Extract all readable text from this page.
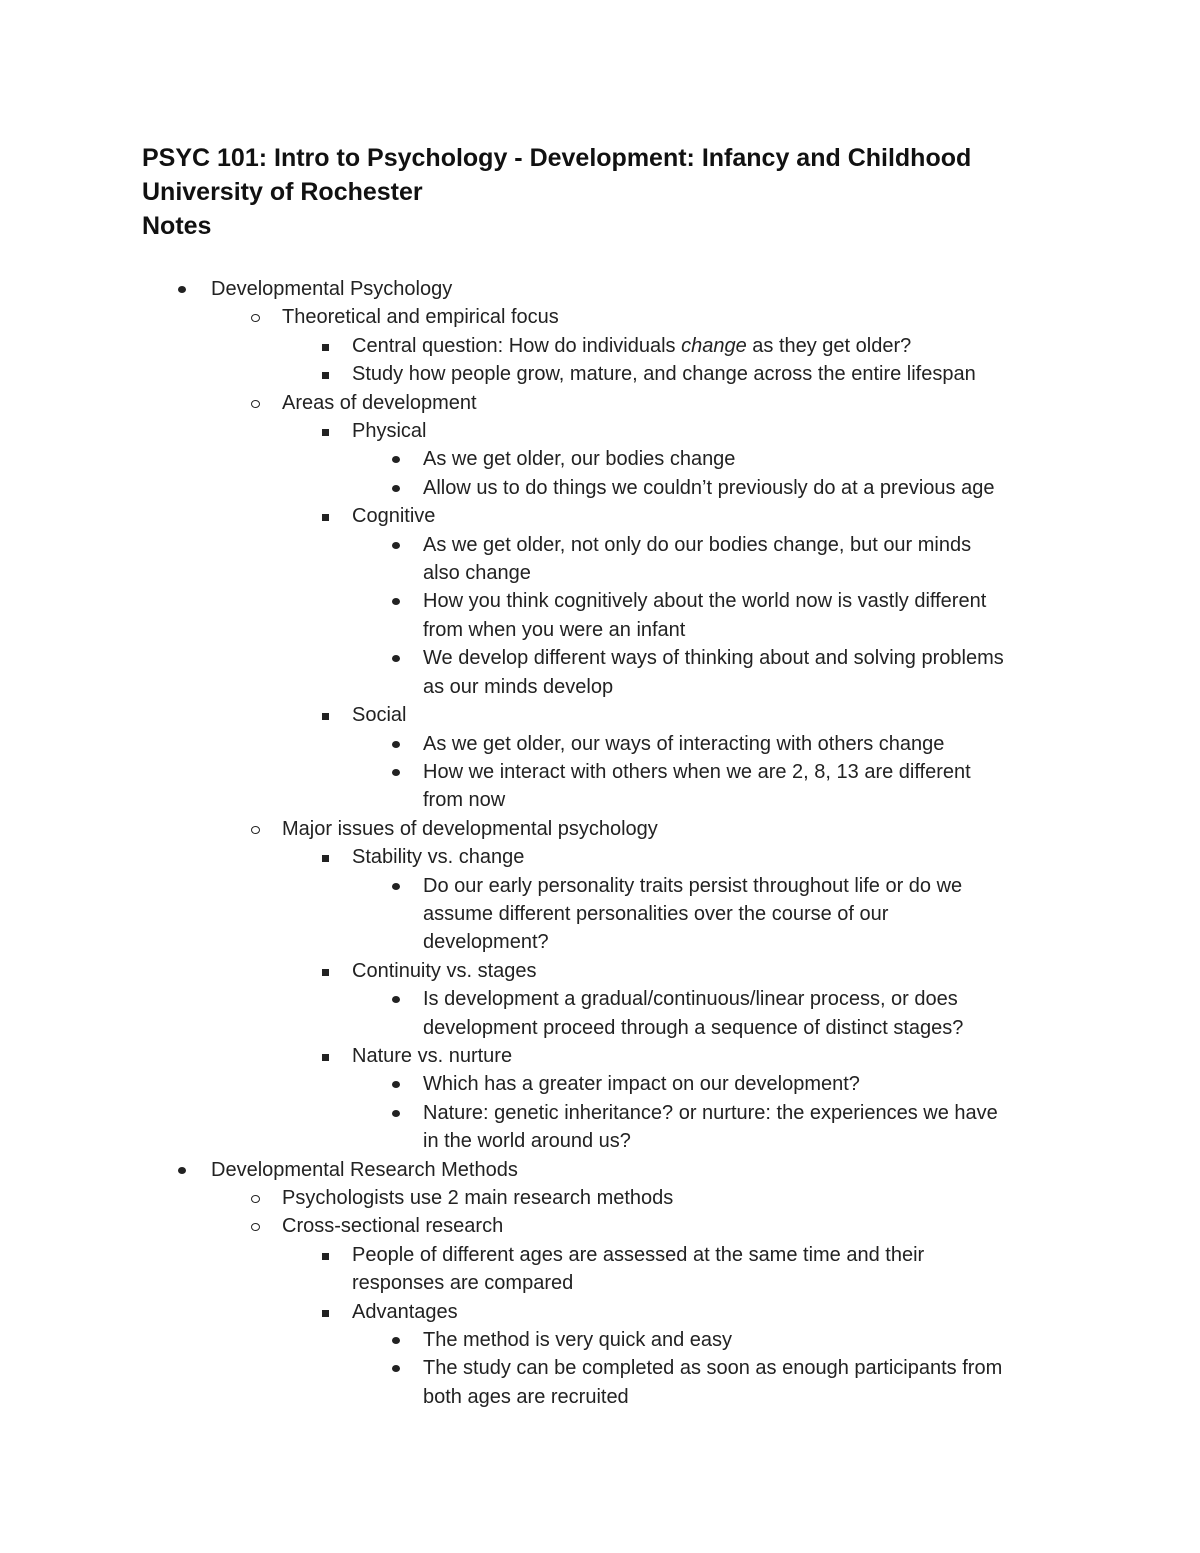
PSYC 101: Intro to Psychology - Development: Infancy and Childhood
University of Rochester
Notes
Developmental Psychology
Theoretical and empirical focus
Central question: How do individuals change as they get older?
Study how people grow, mature, and change across the entire lifespan
Areas of development
Physical
As we get older, our bodies change
Allow us to do things we couldn’t previously do at a previous age
Cognitive
As we get older, not only do our bodies change, but our minds
also change
How you think cognitively about the world now is vastly different
from when you were an infant
We develop different ways of thinking about and solving problems
as our minds develop
Social
As we get older, our ways of interacting with others change
How we interact with others when we are 2, 8, 13 are different
from now
Major issues of developmental psychology
Stability vs. change
Do our early personality traits persist throughout life or do we
assume different personalities over the course of our
development?
Continuity vs. stages
Is development a gradual/continuous/linear process, or does
development proceed through a sequence of distinct stages?
Nature vs. nurture
Which has a greater impact on our development?
Nature: genetic inheritance? or nurture: the experiences we have
in the world around us?
Developmental Research Methods
Psychologists use 2 main research methods
Cross-sectional research
People of different ages are assessed at the same time and their
responses are compared
Advantages
The method is very quick and easy
The study can be completed as soon as enough participants from
both ages are recruited
